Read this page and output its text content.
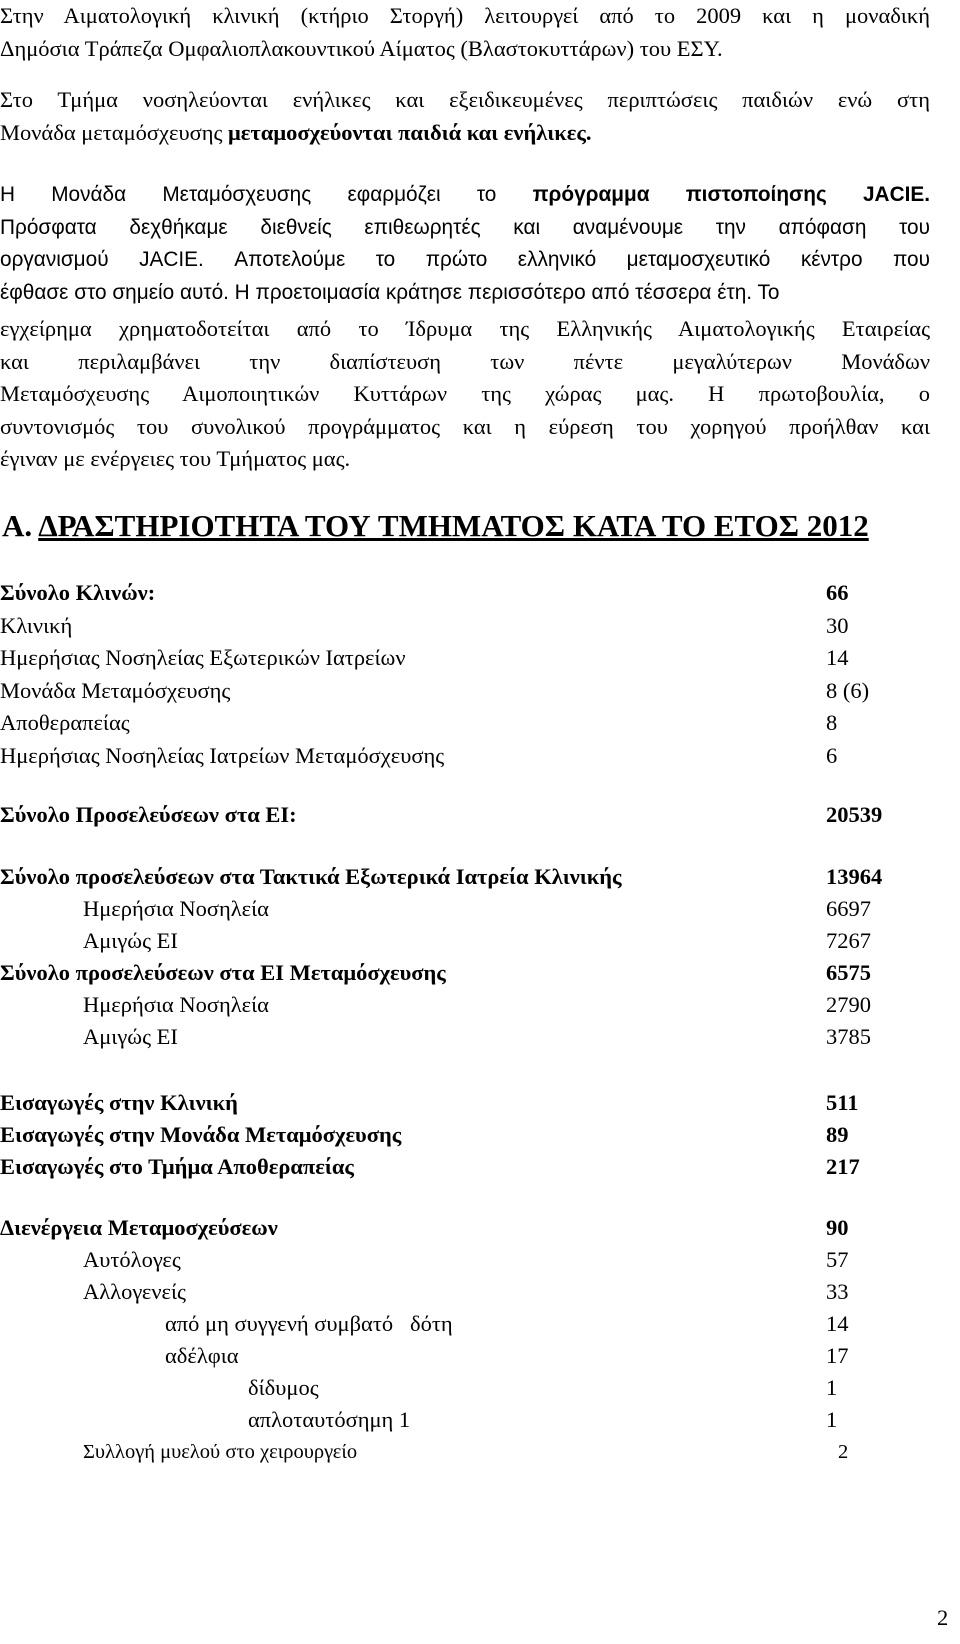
Στην Αιματολογική κλινική (κτήριο Στοργή) λειτουργεί από το 2009 και η μοναδική
Δημόσια Τράπεζα Ομφαλιοπλακουντικού Αίματος (Βλαστοκυττάρων) του ΕΣΥ.

Στο Τμήμα νοσηλεύονται ενήλικες και εξειδικευμένες περιπτώσεις παιδιών ενώ στη
Μονάδα μεταμόσχευσης μεταμοσχεύονται παιδιά και ενήλικες.

Η Μονάδα Μεταμόσχευσης εφαρμόζει το πρόγραμμα πιστοποίησης JACIE.
Πρόσφατα δεχθήκαμε διεθνείς επιθεωρητές και αναμένουμε την απόφαση του
οργανισμού JACIE. Αποτελούμε το πρώτο ελληνικό μεταμοσχευτικό κέντρο που
έφθασε στο σημείο αυτό. Η προετοιμασία κράτησε περισσότερο από τέσσερα έτη. Το

εγχείρημα χρηματοδοτείται από το Ίδρυμα της Ελληνικής Αιματολογικής Εταιρείας
και περιλαμβάνει την διαπίστευση των πέντε μεγαλύτερων Μονάδων
Μεταμόσχευσης Αιμοποιητικών Κυττάρων της χώρας μας. Η πρωτοβουλία, ο
συντονισμός του συνολικού προγράμματος και η εύρεση του χορηγού προήλθαν και
έγιναν με ενέργειες του Τμήματος μας.

Α. ΔΡΑΣΤΗΡΙΟΤΗΤΑ ΤΟΥ ΤΜΗΜΑΤΟΣ ΚΑΤΑ ΤΟ ΕΤΟΣ 2012
Σύνολο Κλινών:	66
Κλινική	30
Ημερήσιας Νοσηλείας Εξωτερικών Ιατρείων	14
Μονάδα Μεταμόσχευσης	8 (6)
Αποθεραπείας	8
Ημερήσιας Νοσηλείας Ιατρείων Μεταμόσχευσης	6
Σύνολο Προσελεύσεων στα ΕΙ:	20539
Σύνολο προσελεύσεων στα Τακτικά Εξωτερικά Ιατρεία Κλινικής	13964
Ημερήσια Νοσηλεία	6697
Αμιγώς ΕΙ	7267
Σύνολο προσελεύσεων στα ΕΙ Μεταμόσχευσης	6575
Ημερήσια Νοσηλεία	2790
Αμιγώς ΕΙ	3785
Εισαγωγές στην Κλινική	511
Εισαγωγές στην Μονάδα Μεταμόσχευσης	89
Εισαγωγές στο Τμήμα Αποθεραπείας	217
Διενέργεια Μεταμοσχεύσεων	90
Αυτόλογες	57
Αλλογενείς	33
από μη συγγενή συμβατό   δότη	14
αδέλφια	17
δίδυμος	1
απλοταυτόσημη 1	1
Συλλογή μυελού στο χειρουργείο	2
2
